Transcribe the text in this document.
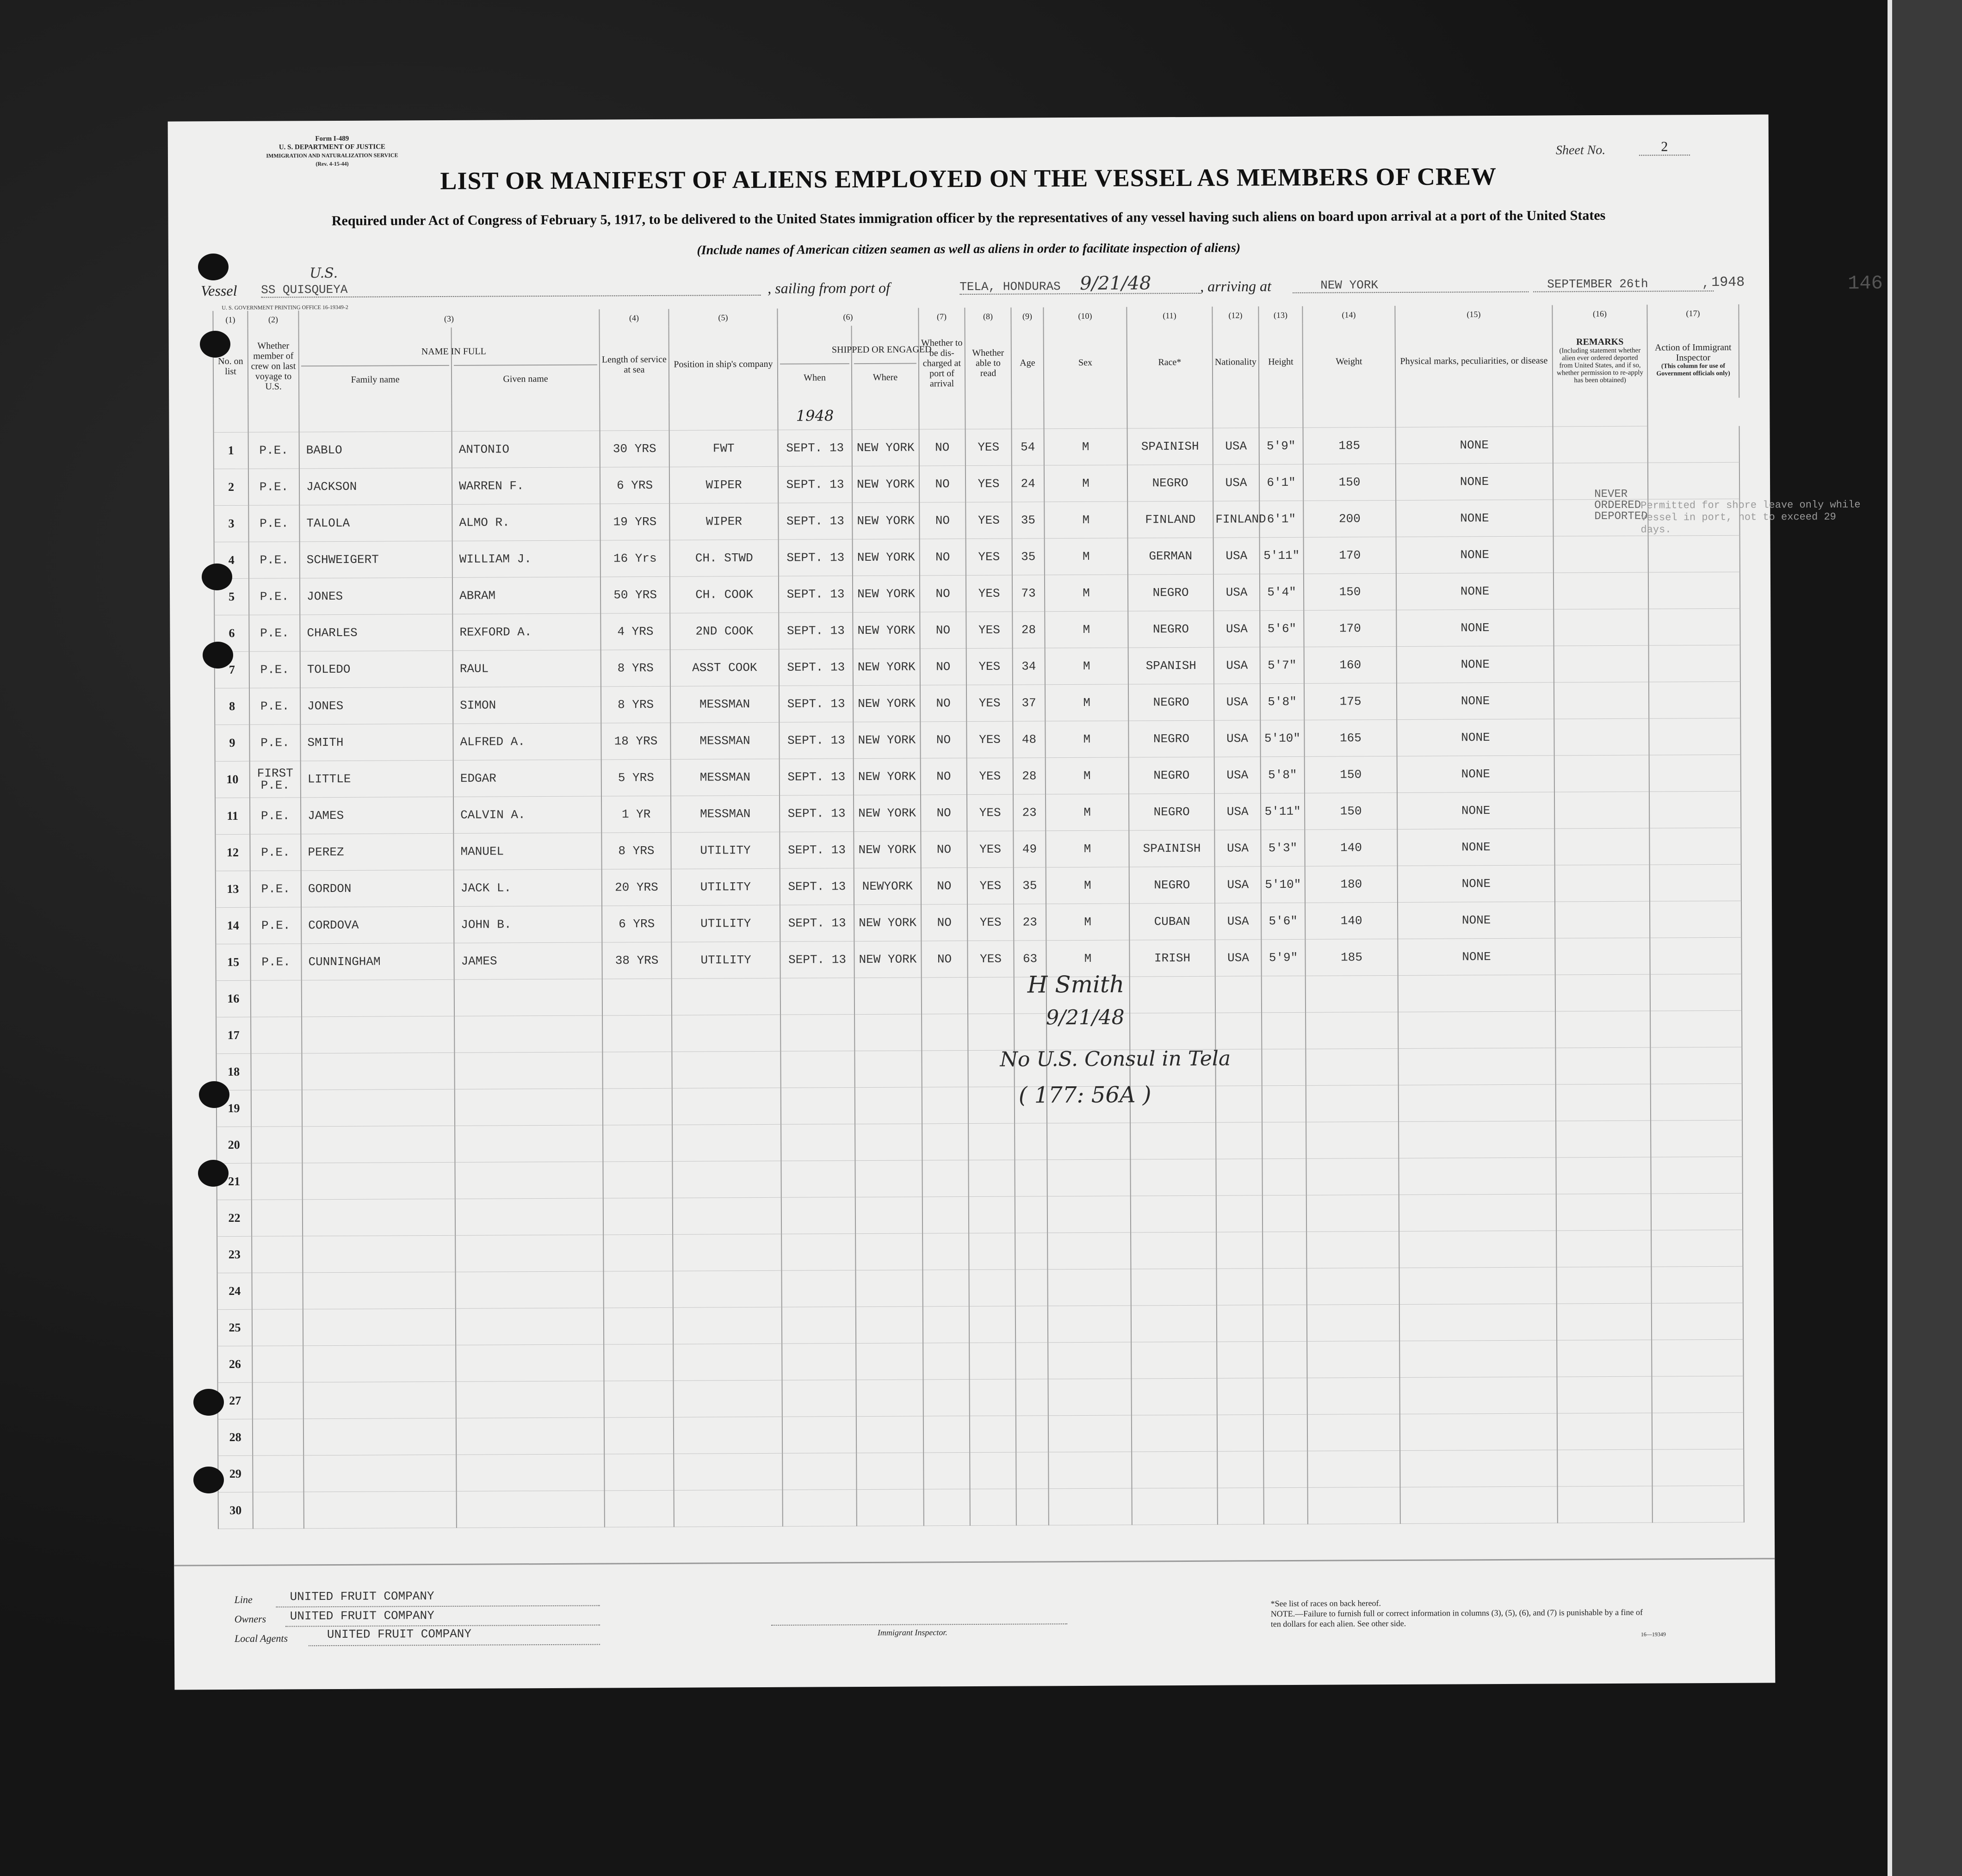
Form I-489
U. S. DEPARTMENT OF JUSTICE
IMMIGRATION AND NATURALIZATION SERVICE
(Rev. 4-15-44)
Sheet No.	2
LIST OR MANIFEST OF ALIENS EMPLOYED ON THE VESSEL AS MEMBERS OF CREW
Required under Act of Congress of February 5, 1917, to be delivered to the United States immigration officer by the representatives of any vessel having such aliens on board upon arrival at a port of the United States
(Include names of American citizen seamen as well as aliens in order to facilitate inspection of aliens)
Vessel
U.S.
SS QUISQUEYA	, sailing from port of	TELA, HONDURAS	9/21/48	, arriving at	NEW YORK	SEPTEMBER 26th	, 1948	146
U. S. GOVERNMENT PRINTING OFFICE 16-19349-2
(1)	(2)	(3)		(4)	(5)	(6)		(7)	(8)	(9)	(10)	(11)	(12)	(13)	(14)	(15)	(16)	(17)
No. on list	Whether member of crew on last voyage to U.S.	NAME IN FULL
Family name	Given name	Length of service at sea	Position in ship's company	SHIPPED OR ENGAGED
When	Where	Whether to be dis- charged at port of arrival	Whether able to read	Age	Sex	Race*	Nationality	Height	Weight	Physical marks, peculiarities, or disease	REMARKS
(Including statement whether alien ever ordered deported from United States, and if so, whether permission to re-apply has been obtained)	Action of Immigrant Inspector
(This column for use of Government officials only)

						1948												
1	P.E.	BABLO	ANTONIO	30 YRS	FWT	SEPT. 13	NEW YORK	NO	YES	54	M	SPAINISH	USA	5'9"	185	NONE		
2	P.E.	JACKSON	WARREN F.	6 YRS	WIPER	SEPT. 13	NEW YORK	NO	YES	24	M	NEGRO	USA	6'1"	150	NONE		
3	P.E.	TALOLA	ALMO R.	19 YRS	WIPER	SEPT. 13	NEW YORK	NO	YES	35	M	FINLAND	FINLAND	6'1"	200	NONE		
4	P.E.	SCHWEIGERT	WILLIAM J.	16 Yrs	CH. STWD	SEPT. 13	NEW YORK	NO	YES	35	M	GERMAN	USA	5'11"	170	NONE		
5	P.E.	JONES	ABRAM	50 YRS	CH. COOK	SEPT. 13	NEW YORK	NO	YES	73	M	NEGRO	USA	5'4"	150	NONE		
6	P.E.	CHARLES	REXFORD A.	4 YRS	2ND COOK	SEPT. 13	NEW YORK	NO	YES	28	M	NEGRO	USA	5'6"	170	NONE		
7	P.E.	TOLEDO	RAUL	8 YRS	ASST COOK	SEPT. 13	NEW YORK	NO	YES	34	M	SPANISH	USA	5'7"	160	NONE		
8	P.E.	JONES	SIMON	8 YRS	MESSMAN	SEPT. 13	NEW YORK	NO	YES	37	M	NEGRO	USA	5'8"	175	NONE		
9	P.E.	SMITH	ALFRED A.	18 YRS	MESSMAN	SEPT. 13	NEW YORK	NO	YES	48	M	NEGRO	USA	5'10"	165	NONE		
10	FIRST P.E.	LITTLE	EDGAR	5 YRS	MESSMAN	SEPT. 13	NEW YORK	NO	YES	28	M	NEGRO	USA	5'8"	150	NONE		
11	P.E.	JAMES	CALVIN A.	1 YR	MESSMAN	SEPT. 13	NEW YORK	NO	YES	23	M	NEGRO	USA	5'11"	150	NONE		
12	P.E.	PEREZ	MANUEL	8 YRS	UTILITY	SEPT. 13	NEW YORK	NO	YES	49	M	SPAINISH	USA	5'3"	140	NONE		
13	P.E.	GORDON	JACK L.	20 YRS	UTILITY	SEPT. 13	NEWYORK	NO	YES	35	M	NEGRO	USA	5'10"	180	NONE		
14	P.E.	CORDOVA	JOHN B.	6 YRS	UTILITY	SEPT. 13	NEW YORK	NO	YES	23	M	CUBAN	USA	5'6"	140	NONE		
15	P.E.	CUNNINGHAM	JAMES	38 YRS	UTILITY	SEPT. 13	NEW YORK	NO	YES	63	M	IRISH	USA	5'9"	185	NONE		
16																		
17																		
18																		
19																		
20																		
21																		
22																		
23																		
24																		
25																		
26																		
27																		
28																		
29																		
30																		
NEVER ORDERED DEPORTED
Permitted for shore leave only while vessel in port, not to exceed 29 days.
H Smith
9/21/48
No U.S. Consul in Tela
( 177: 56A )
Line	UNITED FRUIT COMPANY
Owners UNITED FRUIT COMPANY
Local Agents	UNITED FRUIT COMPANY	Immigrant Inspector.
*See list of races on back hereof.
NOTE.—Failure to furnish full or correct information in columns (3), (5), (6), and (7) is punishable by a fine of ten dollars for each alien. See other side.
16—19349
